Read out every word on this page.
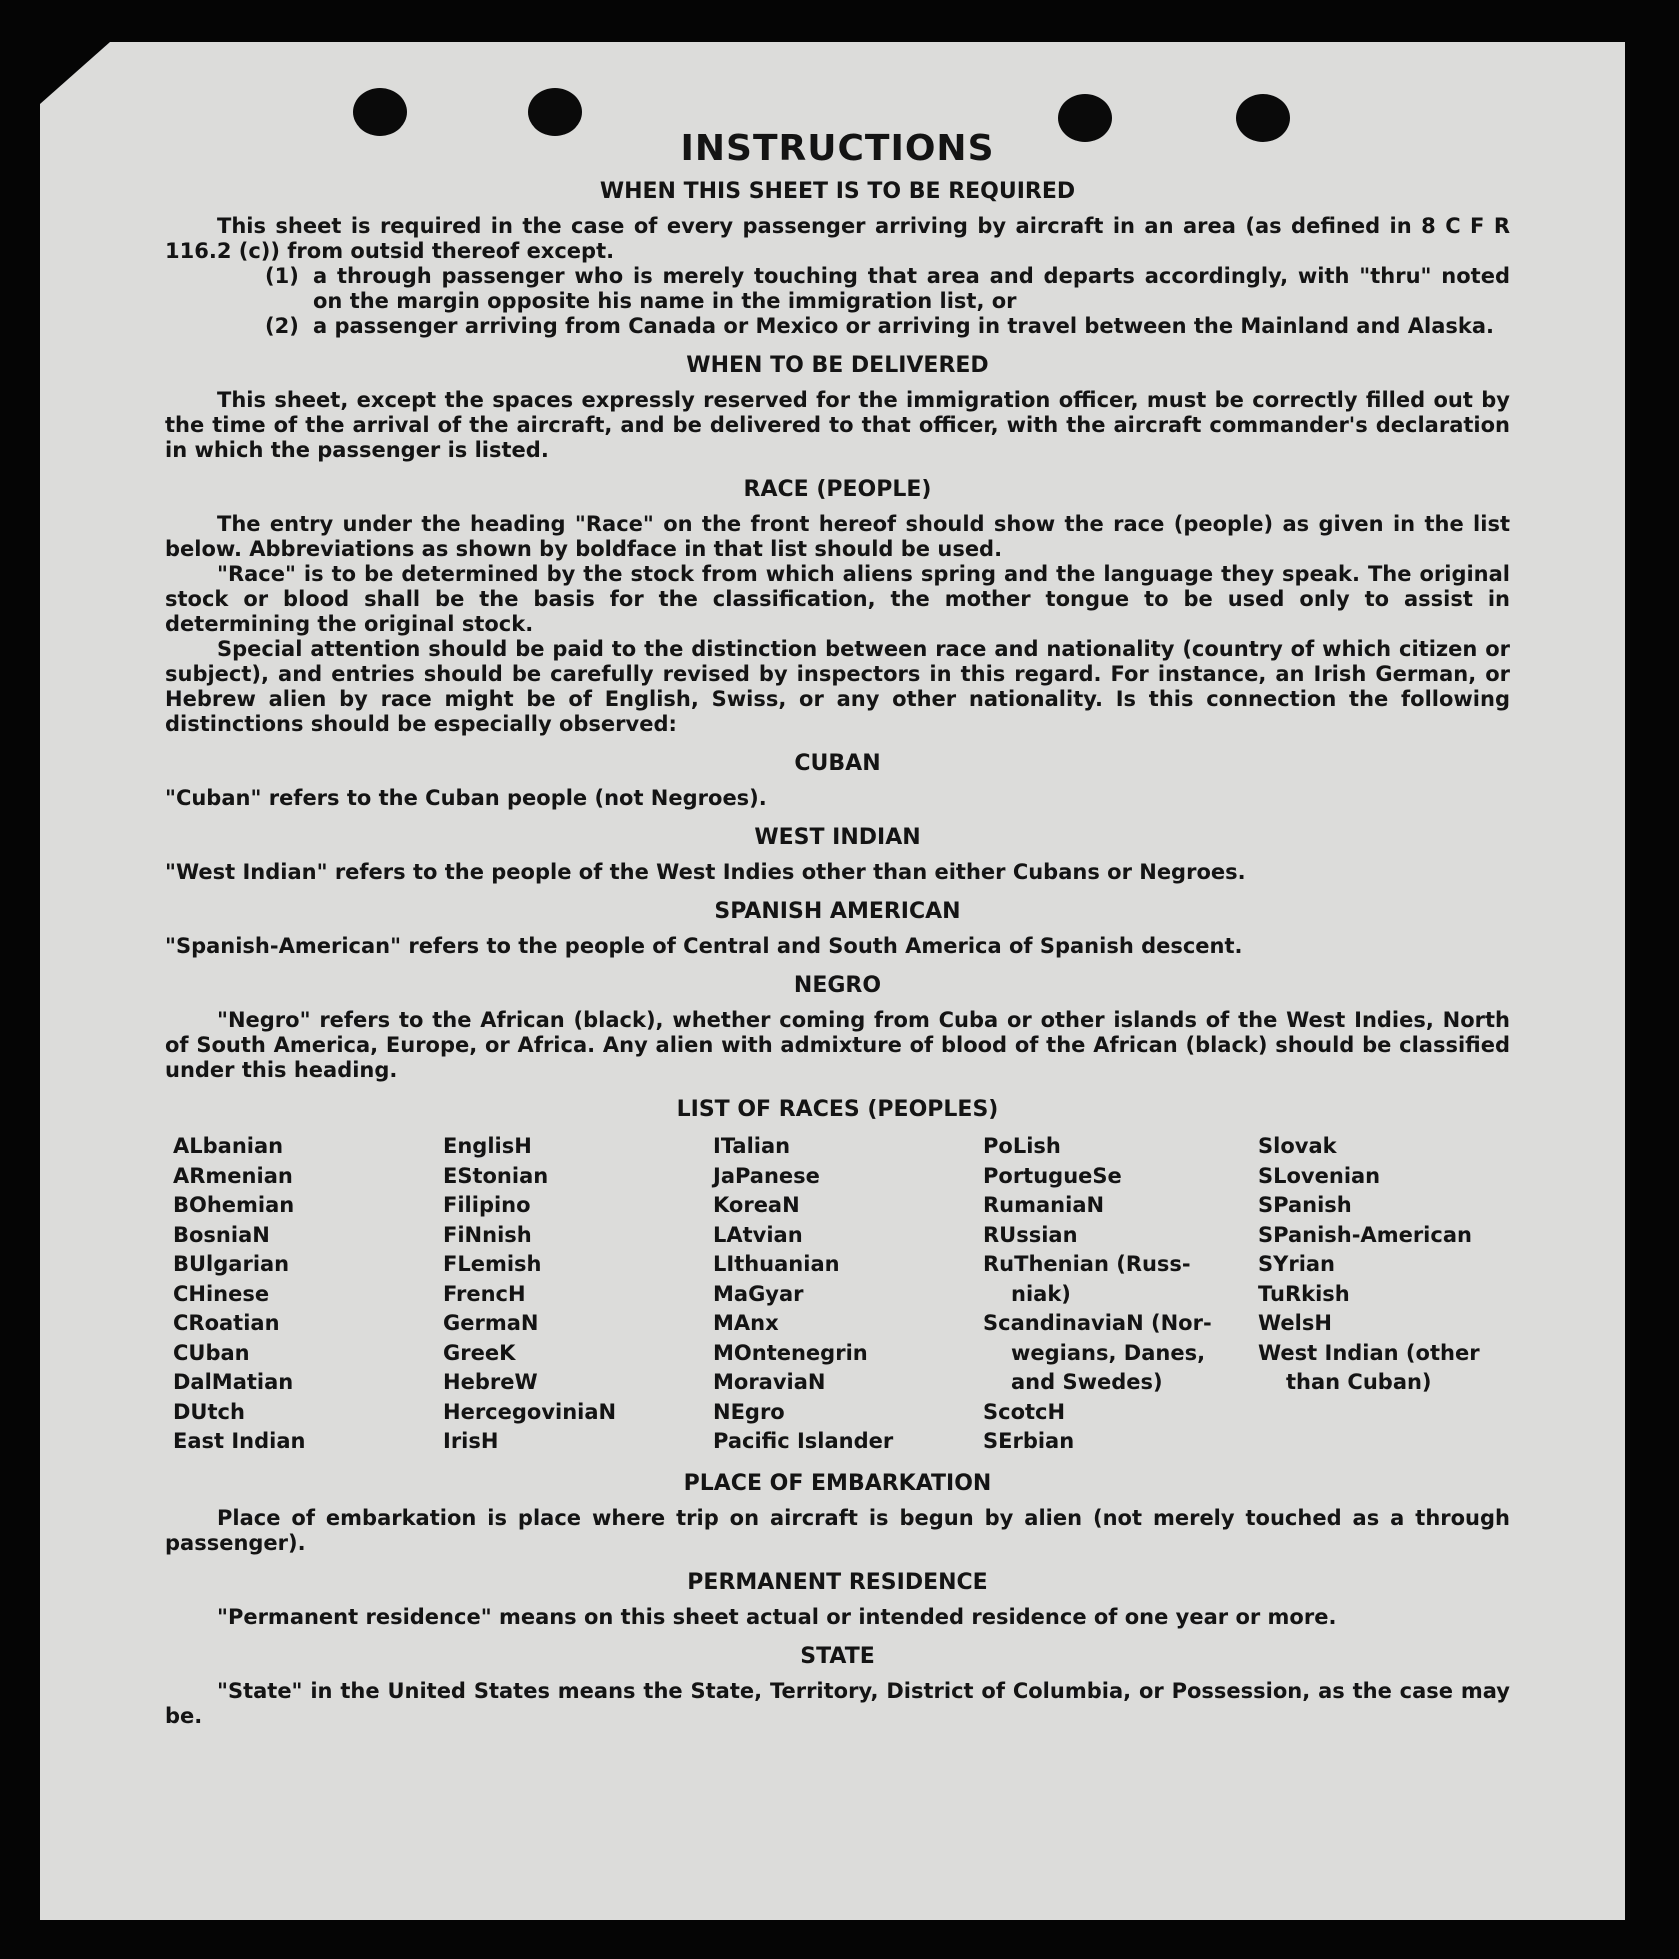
INSTRUCTIONS
WHEN THIS SHEET IS TO BE REQUIRED

This sheet is required in the case of every passenger arriving by aircraft in an area (as defined in 8 C F R 116.2 (c)) from outsid thereof except.

(1) a through passenger who is merely touching that area and departs accordingly, with "thru" noted on the margin opposite his name in the immigration list, or
(2) a passenger arriving from Canada or Mexico or arriving in travel between the Mainland and Alaska.
WHEN TO BE DELIVERED

This sheet, except the spaces expressly reserved for the immigration officer, must be correctly filled out by the time of the arrival of the aircraft, and be delivered to that officer, with the aircraft commander's declaration in which the passenger is listed.

RACE (PEOPLE)

The entry under the heading "Race" on the front hereof should show the race (people) as given in the list below. Abbreviations as shown by boldface in that list should be used.

"Race" is to be determined by the stock from which aliens spring and the language they speak. The original stock or blood shall be the basis for the classification, the mother tongue to be used only to assist in determining the original stock.

Special attention should be paid to the distinction between race and nationality (country of which citizen or subject), and entries should be carefully revised by inspectors in this regard. For instance, an Irish German, or Hebrew alien by race might be of English, Swiss, or any other nationality. Is this connection the following distinctions should be especially observed:

CUBAN

"Cuban" refers to the Cuban people (not Negroes).

WEST INDIAN

"West Indian" refers to the people of the West Indies other than either Cubans or Negroes.

SPANISH AMERICAN

"Spanish-American" refers to the people of Central and South America of Spanish descent.

NEGRO

"Negro" refers to the African (black), whether coming from Cuba or other islands of the West Indies, North of South America, Europe, or Africa. Any alien with admixture of blood of the African (black) should be classified under this heading.

LIST OF RACES (PEOPLES)
ALbanian
ARmenian
BOhemian
BosniaN
BUlgarian
CHinese
CRoatian
CUban
DalMatian
DUtch
East Indian
EnglisH
EStonian
Filipino
FiNnish
FLemish
FrencH
GermaN
GreeK
HebreW
HercegoviniaN
IrisH
ITalian
JaPanese
KoreaN
LAtvian
LIthuanian
MaGyar
MAnx
MOntenegrin
MoraviaN
NEgro
Pacific Islander
PoLish
PortugueSe
RumaniaN
RUssian
RuThenian (Russ-
niak)
ScandinaviaN (Nor-
wegians, Danes,
and Swedes)
ScotcH
SErbian
Slovak
SLovenian
SPanish
SPanish-American
SYrian
TuRkish
WelsH
West Indian (other
than Cuban)
PLACE OF EMBARKATION

Place of embarkation is place where trip on aircraft is begun by alien (not merely touched as a through passenger).

PERMANENT RESIDENCE

"Permanent residence" means on this sheet actual or intended residence of one year or more.

STATE

"State" in the United States means the State, Territory, District of Columbia, or Possession, as the case may be.
